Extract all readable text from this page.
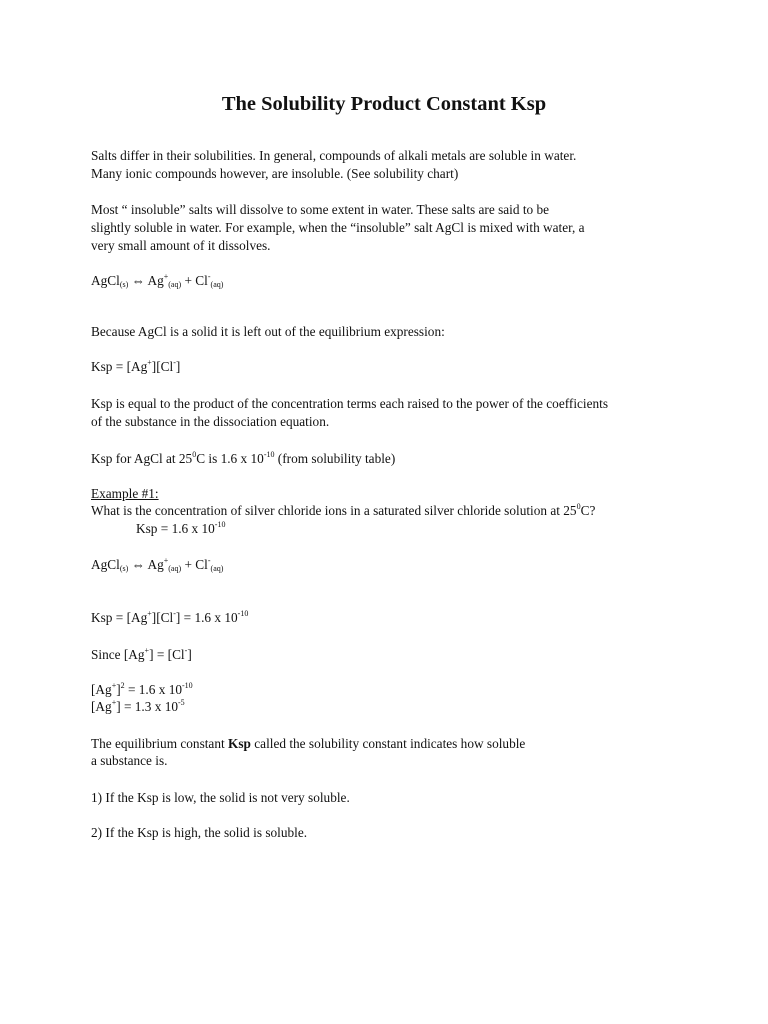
The Solubility Product Constant Ksp

Salts differ in their solubilities. In general, compounds of alkali metals are soluble in water.

Many ionic compounds however, are insoluble. (See solubility chart)

Most “ insoluble” salts will dissolve to some extent in water. These salts are said to be

slightly soluble in water. For example, when the “insoluble” salt AgCl is mixed with water, a

very small amount of it dissolves.

AgCl$_{(s)}$ ⇔ $Ag^+_{(aq)} + Cl^-_{(aq)}$

Because AgCl is a solid it is left out of the equilibrium expression:

Ksp = [Ag+][Cl-]

Ksp is equal to the product of the concentration terms each raised to the power of the coefficients

of the substance in the dissociation equation.

Ksp for AgCl at $25^0C$ is 1.6 x $10^{-10}$ (from solubility table)

Example #1:

What is the concentration of silver chloride ions in a saturated silver chloride solution at $25^0C$?

Ksp = 1.6 x $10^{-10}$

AgCl$_{(s)}$ ⇔ $Ag^+_{(aq)} + Cl^-_{(aq)}$

Ksp = [Ag+][Cl-] = 1.6 x $10^{-10}$

Since [Ag+] = [Cl-]

$[Ag^+]^2 = 1.6$ x $10^{-10}$

[Ag+] = 1.3 x $10^{-5}$

The equilibrium constant Ksp called the solubility constant indicates how soluble

a substance is.

1) If the Ksp is low, the solid is not very soluble.

2) If the Ksp is high, the solid is soluble.
